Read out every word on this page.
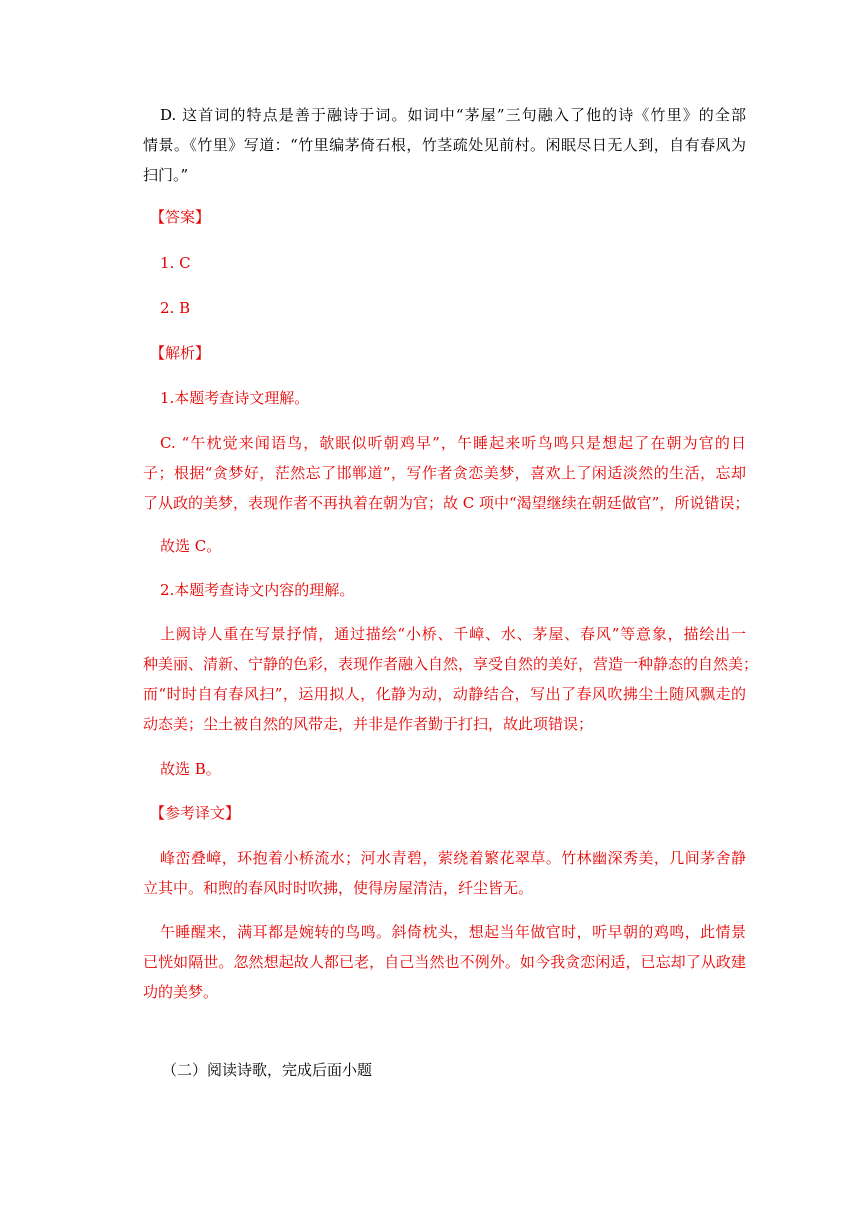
D. 这首词的特点是善于融诗于词。如词中“茅屋”三句融入了他的诗《竹里》的全部
情景。《竹里》写道：“竹里编茅倚石根，竹茎疏处见前村。闲眠尽日无人到，自有春风为
扫门。”
【答案】
1. C
2. B
【解析】
1.本题考查诗文理解。
C. “午枕觉来闻语鸟，欹眠似听朝鸡早”，午睡起来听鸟鸣只是想起了在朝为官的日
子；根据“贪梦好，茫然忘了邯郸道”，写作者贪恋美梦，喜欢上了闲适淡然的生活，忘却
了从政的美梦，表现作者不再执着在朝为官；故 C 项中“渴望继续在朝廷做官”，所说错误；
故选 C。
2.本题考查诗文内容的理解。
上阙诗人重在写景抒情，通过描绘“小桥、千嶂、水、茅屋、春风”等意象，描绘出一
种美丽、清新、宁静的色彩，表现作者融入自然，享受自然的美好，营造一种静态的自然美；
而“时时自有春风扫”，运用拟人，化静为动，动静结合，写出了春风吹拂尘土随风飘走的
动态美；尘土被自然的风带走，并非是作者勤于打扫，故此项错误；
故选 B。
【参考译文】
峰峦叠嶂，环抱着小桥流水；河水青碧，萦绕着繁花翠草。竹林幽深秀美，几间茅舍静
立其中。和煦的春风时时吹拂，使得房屋清洁，纤尘皆无。
午睡醒来，满耳都是婉转的鸟鸣。斜倚枕头，想起当年做官时，听早朝的鸡鸣，此情景
已恍如隔世。忽然想起故人都已老，自己当然也不例外。如今我贪恋闲适，已忘却了从政建
功的美梦。
（二）阅读诗歌，完成后面小题
